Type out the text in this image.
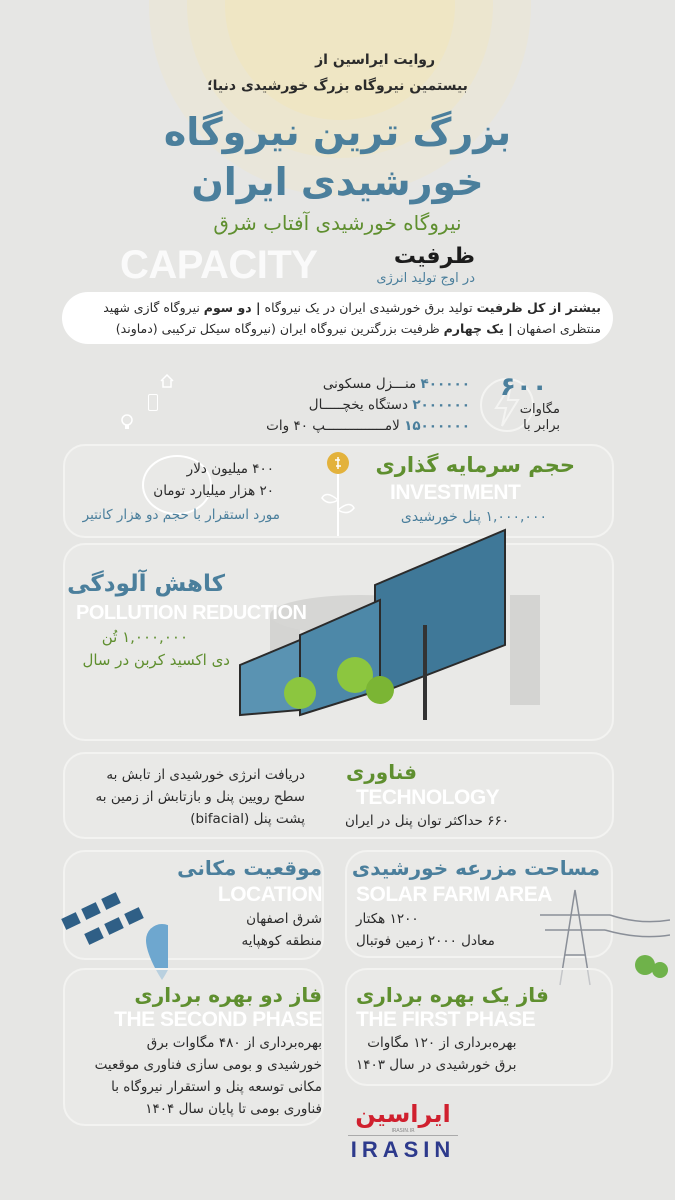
روایت ایراسین از
بیستمین نیروگاه بزرگ خورشیدی دنیا؛
بزرگ ترین نیروگاه
خورشیدی ایران
نیروگاه خورشیدی آفتاب شرق
CAPACITY	ظرفیت
در اوج تولید انرژی
بیشتر از کل ظرفیت تولید برق خورشیدی ایران در یک نیروگاه | دو سوم نیروگاه گازی شهید منتظری اصفهان | یک چهارم ظرفیت بزرگترین نیروگاه ایران (نیروگاه سیکل ترکیبی (دماوند)
۶۰۰
مگاوات
برابر با
۴۰۰۰۰۰ منـــزل مسکونی
۲۰۰۰۰۰۰ دستگاه یخچـــــال
۱۵۰۰۰۰۰۰ لامـــــــــــــــپ ۴۰ وات
حجم سرمایه گذاری
INVESTMENT
۱,۰۰۰,۰۰۰ پنل خورشیدی
۴۰۰ میلیون دلار
۲۰ هزار میلیارد تومان
مورد استقرار با حجم دو هزار کانتیر
کاهش آلودگی
POLLUTION REDUCTION
۱,۰۰۰,۰۰۰ تُن
دی اکسید کربن در سال
فناوری
TECHNOLOGY
۶۶۰ حداکثر توان پنل در ایران
دریافت انرژی خورشیدی از تابش به
سطح رویین پنل و بازتابش از زمین به
پشت پنل (bifacial)
موقعیت مکانی
LOCATION
شرق اصفهان
منطقه کوهپایه
مساحت مزرعه خورشیدی
SOLAR FARM AREA
۱۲۰۰ هکتار
معادل ۲۰۰۰ زمین فوتبال
فاز دو بهره برداری
THE SECOND PHASE
بهره‌برداری از ۴۸۰ مگاوات برق
خورشیدی و بومی سازی فناوری موقعیت
مکانی توسعه پنل و استقرار نیروگاه با
فناوری بومی تا پایان سال ۱۴۰۴
فاز یک بهره برداری
THE FIRST PHASE
بهره‌برداری از ۱۲۰ مگاوات
برق خورشیدی در سال ۱۴۰۳
ایراسین
IRASIN.IR
IRASIN
